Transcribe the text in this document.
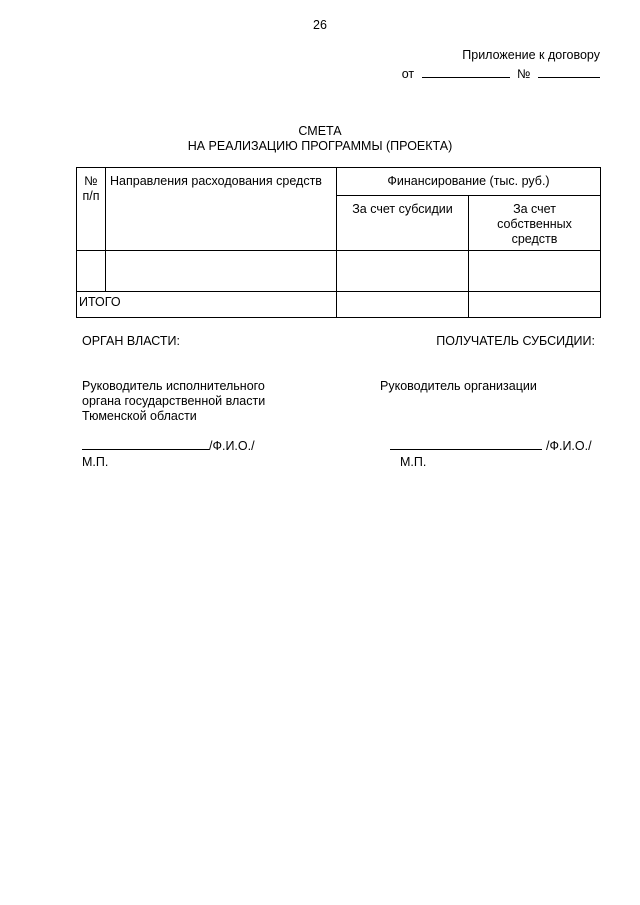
26
Приложение к договору
от	№
СМЕТА
НА РЕАЛИЗАЦИЮ ПРОГРАММЫ (ПРОЕКТА)
№
п/п	Направления расходования средств	Финансирование (тыс. руб.)	
		За счет субсидии	За счет
собственных
средств

ИТОГО			
ОРГАН ВЛАСТИ:
Руководитель исполнительного
органа государственной власти
Тюменской области
/Ф.И.О./
М.П.
ПОЛУЧАТЕЛЬ СУБСИДИИ:
Руководитель организации
/Ф.И.О./
М.П.
